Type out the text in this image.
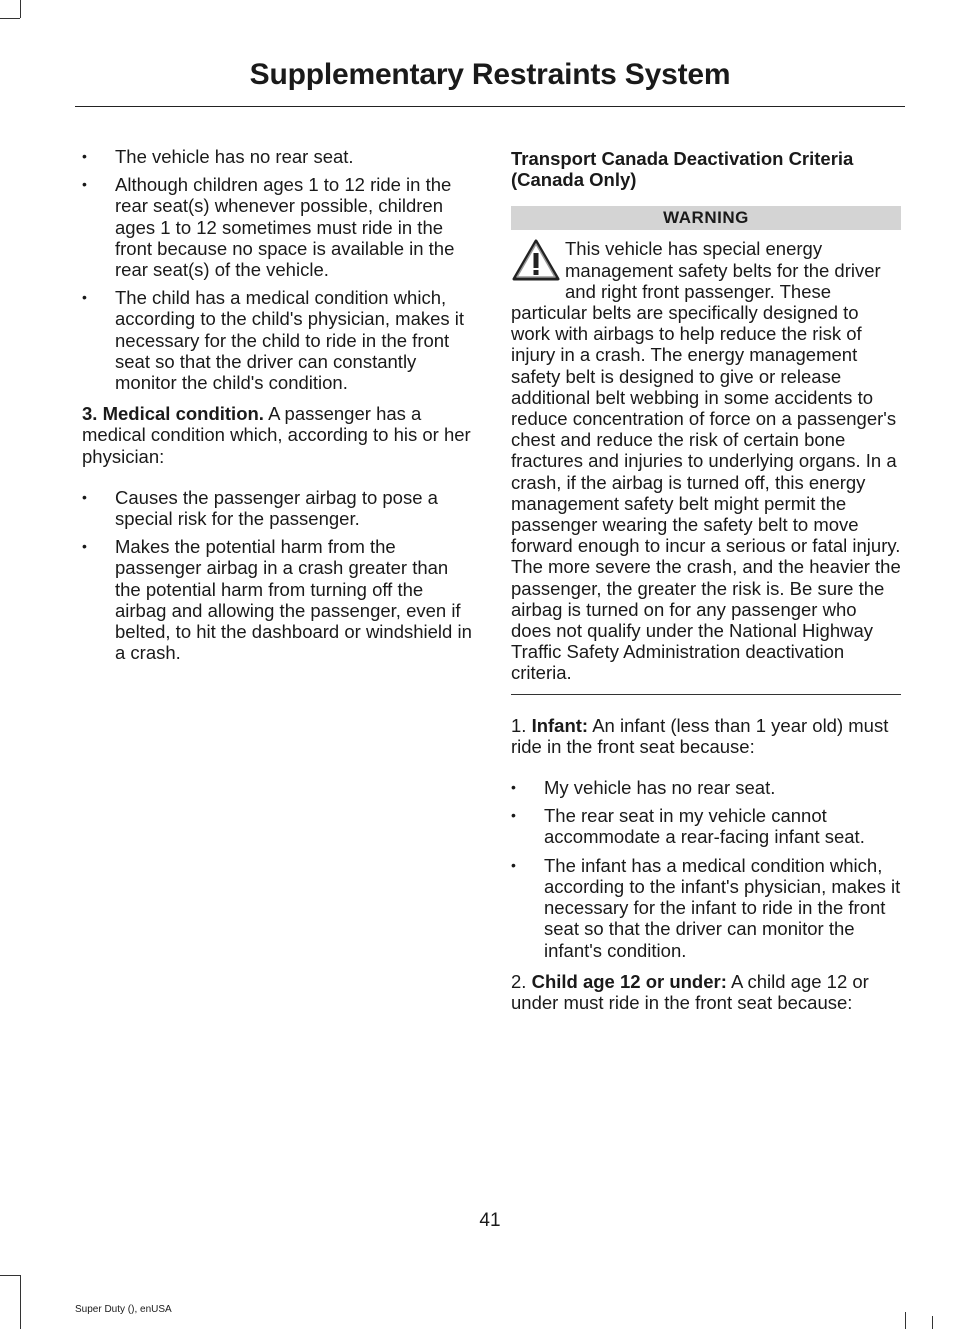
Supplementary Restraints System
• The vehicle has no rear seat.
• Although children ages 1 to 12 ride in the rear seat(s) whenever possible, children ages 1 to 12 sometimes must ride in the front because no space is available in the rear seat(s) of the vehicle.
• The child has a medical condition which, according to the child's physician, makes it necessary for the child to ride in the front seat so that the driver can constantly monitor the child's condition.

3. Medical condition. A passenger has a medical condition which, according to his or her physician:

• Causes the passenger airbag to pose a special risk for the passenger.
• Makes the potential harm from the passenger airbag in a crash greater than the potential harm from turning off the airbag and allowing the passenger, even if belted, to hit the dashboard or windshield in a crash.
Transport Canada Deactivation Criteria (Canada Only)
WARNING
This vehicle has special energy management safety belts for the driver and right front passenger. These particular belts are specifically designed to work with airbags to help reduce the risk of injury in a crash. The energy management safety belt is designed to give or release additional belt webbing in some accidents to reduce concentration of force on a passenger's chest and reduce the risk of certain bone fractures and injuries to underlying organs. In a crash, if the airbag is turned off, this energy management safety belt might permit the passenger wearing the safety belt to move forward enough to incur a serious or fatal injury. The more severe the crash, and the heavier the passenger, the greater the risk is. Be sure the airbag is turned on for any passenger who does not qualify under the National Highway Traffic Safety Administration deactivation criteria.

1. Infant: An infant (less than 1 year old) must ride in the front seat because:

• My vehicle has no rear seat.
• The rear seat in my vehicle cannot accommodate a rear-facing infant seat.
• The infant has a medical condition which, according to the infant's physician, makes it necessary for the infant to ride in the front seat so that the driver can monitor the infant's condition.

2. Child age 12 or under: A child age 12 or under must ride in the front seat because:

41
Super Duty (), enUSA
